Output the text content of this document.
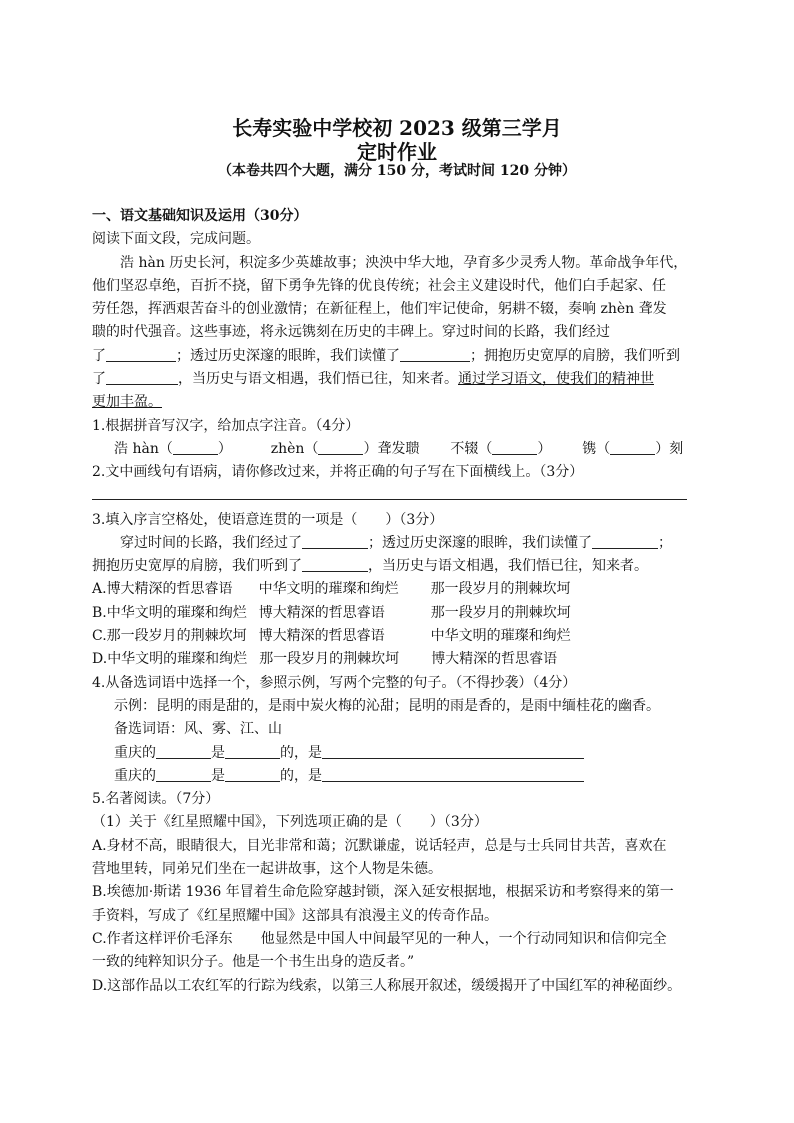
长寿实验中学校初 2023 级第三学月
定时作业
（本卷共四个大题，满分 150 分，考试时间 120 分钟）
一、语文基础知识及运用（30分）
阅读下面文段，完成问题。
浩 hàn 历史长河，积淀多少英雄故事；泱泱中华大地，孕育多少灵秀人物。革命战争年代，
他们坚忍卓绝，百折不挠，留下勇争先锋的优良传统；社会主义建设时代，他们白手起家、任
劳任怨，挥洒艰苦奋斗的创业激情；在新征程上，他们牢记使命，躬耕不辍，奏响 zhèn 聋发
聩的时代强音。这些事迹，将永远镌刻在历史的丰碑上。穿过时间的长路，我们经过
了	；透过历史深邃的眼眸，我们读懂了	；拥抱历史宽厚的肩膀，我们听到
了	，当历史与语文相遇，我们悟已往，知来者。通过学习语文，使我们的精神世
更加丰盈。
1.根据拼音写汉字，给加点字注音。（4分）
浩 hàn（	）	zhèn（	）聋发聩 不辍（	） 镌（	）刻
2.文中画线句有语病，请你修改过来，并将正确的句子写在下面横线上。（3分）
3.填入序言空格处，使语意连贯的一项是（　　）（3分）
穿过时间的长路，我们经过了	；透过历史深邃的眼眸，我们读懂了	；
拥抱历史宽厚的肩膀，我们听到了	，当历史与语文相遇，我们悟已往，知来者。
A.博大精深的哲思睿语 中华文明的璀璨和绚烂 那一段岁月的荆棘坎坷
B.中华文明的璀璨和绚烂 博大精深的哲思睿语	那一段岁月的荆棘坎坷
C.那一段岁月的荆棘坎坷 博大精深的哲思睿语	中华文明的璀璨和绚烂
D.中华文明的璀璨和绚烂 那一段岁月的荆棘坎坷 博大精深的哲思睿语
4.从备选词语中选择一个，参照示例，写两个完整的句子。（不得抄袭）（4分）
示例：昆明的雨是甜的，是雨中炭火梅的沁甜；昆明的雨是香的，是雨中缅桂花的幽香。
备选词语：风、雾、江、山
重庆的	是	的，是
重庆的	是	的，是
5.名著阅读。（7分）
（1）关于《红星照耀中国》，下列选项正确的是（　　）（3分）
A.身材不高，眼睛很大，目光非常和蔼；沉默谦虚，说话轻声，总是与士兵同甘共苦，喜欢在
营地里转，同弟兄们坐在一起讲故事，这个人物是朱德。
B.埃德加·斯诺 1936 年冒着生命危险穿越封锁，深入延安根据地，根据采访和考察得来的第一
手资料，写成了《红星照耀中国》这部具有浪漫主义的传奇作品。
C.作者这样评价毛泽东　　他显然是中国人中间最罕见的一种人，一个行动同知识和信仰完全
一致的纯粹知识分子。他是一个书生出身的造反者。”
D.这部作品以工农红军的行踪为线索，以第三人称展开叙述，缓缓揭开了中国红军的神秘面纱。
